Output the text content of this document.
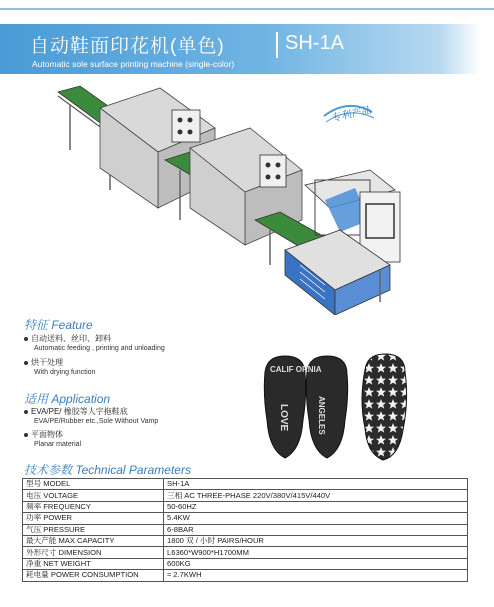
自动鞋面印花机(单色)	SH-1A
Automatic sole surface printing machine (single-color)
专利产品
特征 Feature
自动送料、丝印、卸料
Automatic feeding , printing and unloading
烘干处理
With drying function
适用 Application
EVA/PE/ 橡胶等人字拖鞋底
EVA/PE/Rubber etc.,Sole Without Vamp
平面物体
Planar material
CALIF ORNIA
LOVE	ANGELES
技术参数 Technical Parameters
型号 MODEL	SH-1A
电压 VOLTAGE	三相 AC THREE-PHASE 220V/380V/415V/440V
频率 FREQUENCY	50-60HZ
功率 POWER	5.4KW
气压 PRESSURE	6-8BAR
最大产能 MAX CAPACITY	1800 双 / 小时 PAIRS/HOUR
外形尺寸 DIMENSION	L6360*W900*H1700MM
净重 NET WEIGHT	600KG
耗电量 POWER CONSUMPTION	≈ 2.7KWH
